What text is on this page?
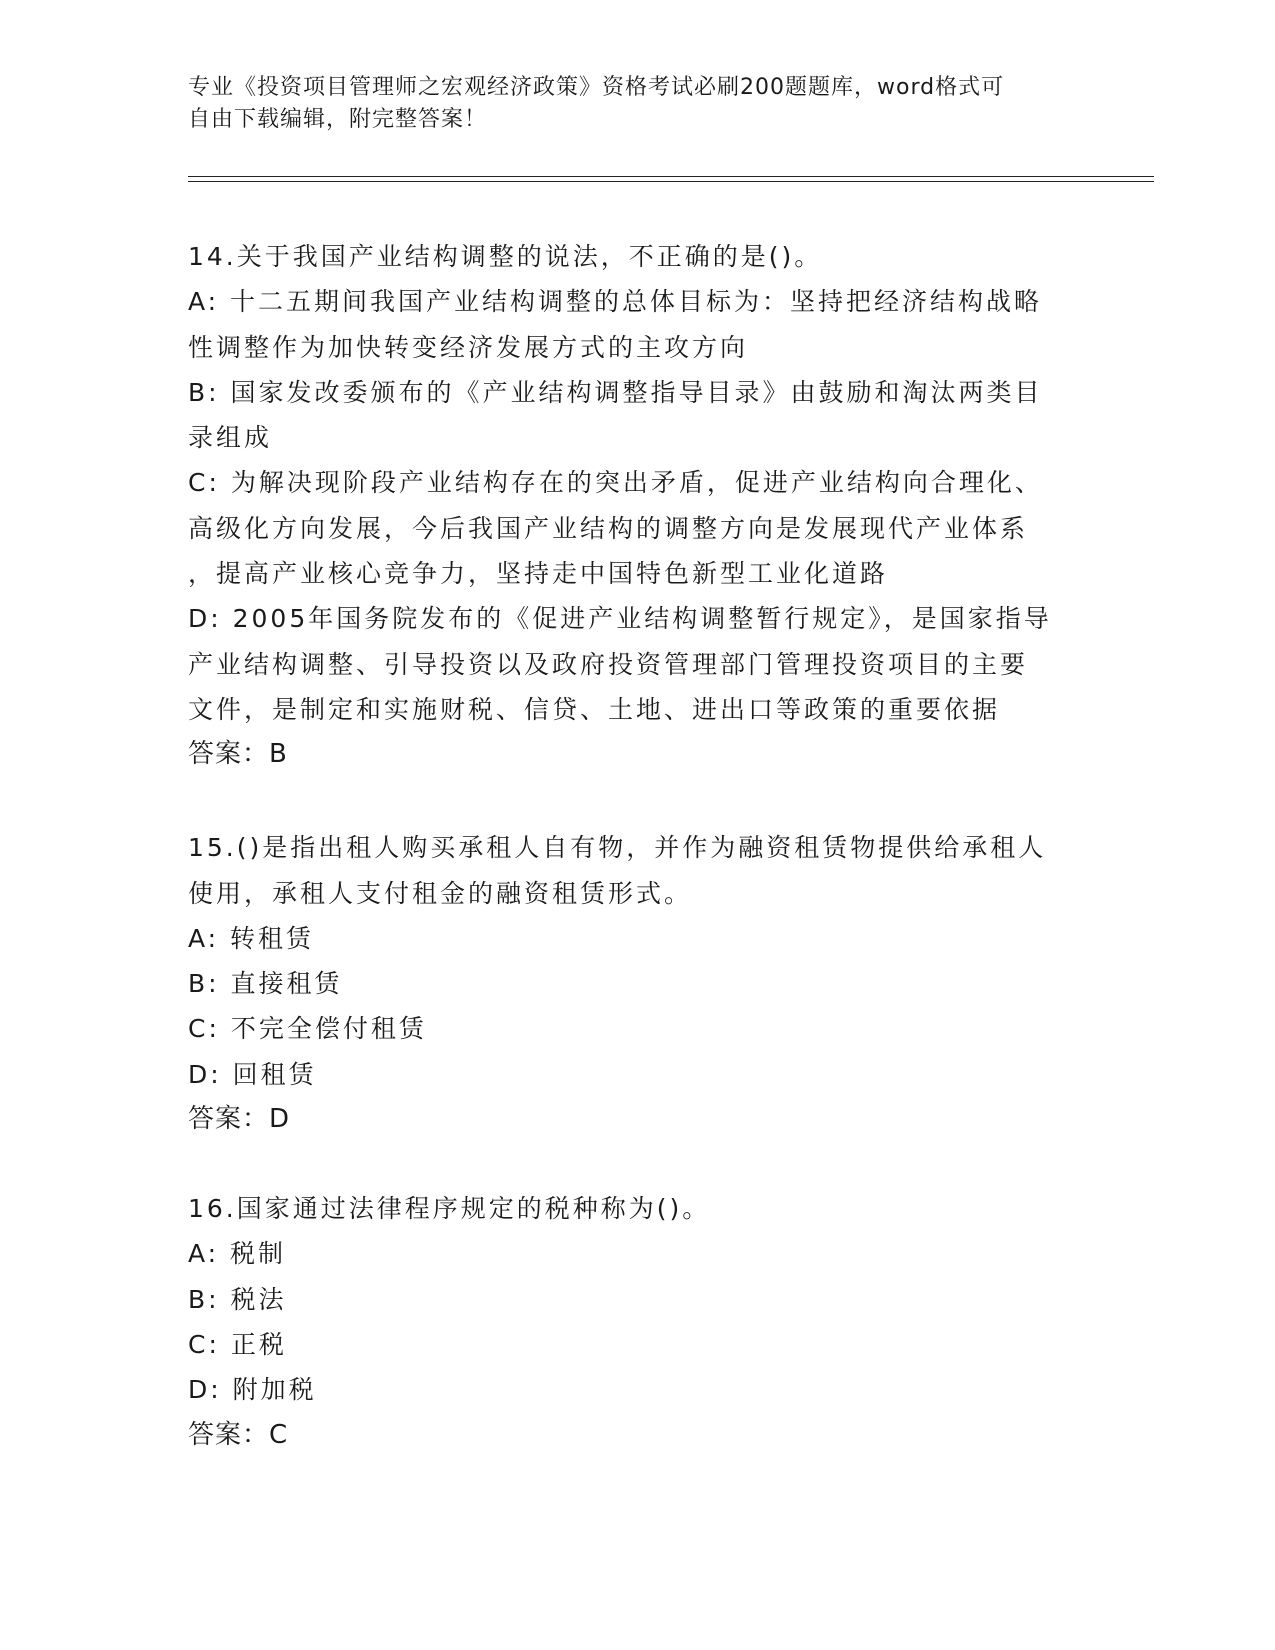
专业《投资项目管理师之宏观经济政策》资格考试必刷200题题库，word格式可
自由下载编辑，附完整答案！
14.关于我国产业结构调整的说法，不正确的是()。
A: 十二五期间我国产业结构调整的总体目标为：坚持把经济结构战略
性调整作为加快转变经济发展方式的主攻方向
B: 国家发改委颁布的《产业结构调整指导目录》由鼓励和淘汰两类目
录组成
C: 为解决现阶段产业结构存在的突出矛盾，促进产业结构向合理化、
高级化方向发展，今后我国产业结构的调整方向是发展现代产业体系
，提高产业核心竞争力，坚持走中国特色新型工业化道路
D: 2005年国务院发布的《促进产业结构调整暂行规定》，是国家指导
产业结构调整、引导投资以及政府投资管理部门管理投资项目的主要
文件，是制定和实施财税、信贷、土地、进出口等政策的重要依据
答案：B
15.()是指出租人购买承租人自有物，并作为融资租赁物提供给承租人
使用，承租人支付租金的融资租赁形式。
A: 转租赁
B: 直接租赁
C: 不完全偿付租赁
D: 回租赁
答案：D
16.国家通过法律程序规定的税种称为()。
A: 税制
B: 税法
C: 正税
D: 附加税
答案：C
